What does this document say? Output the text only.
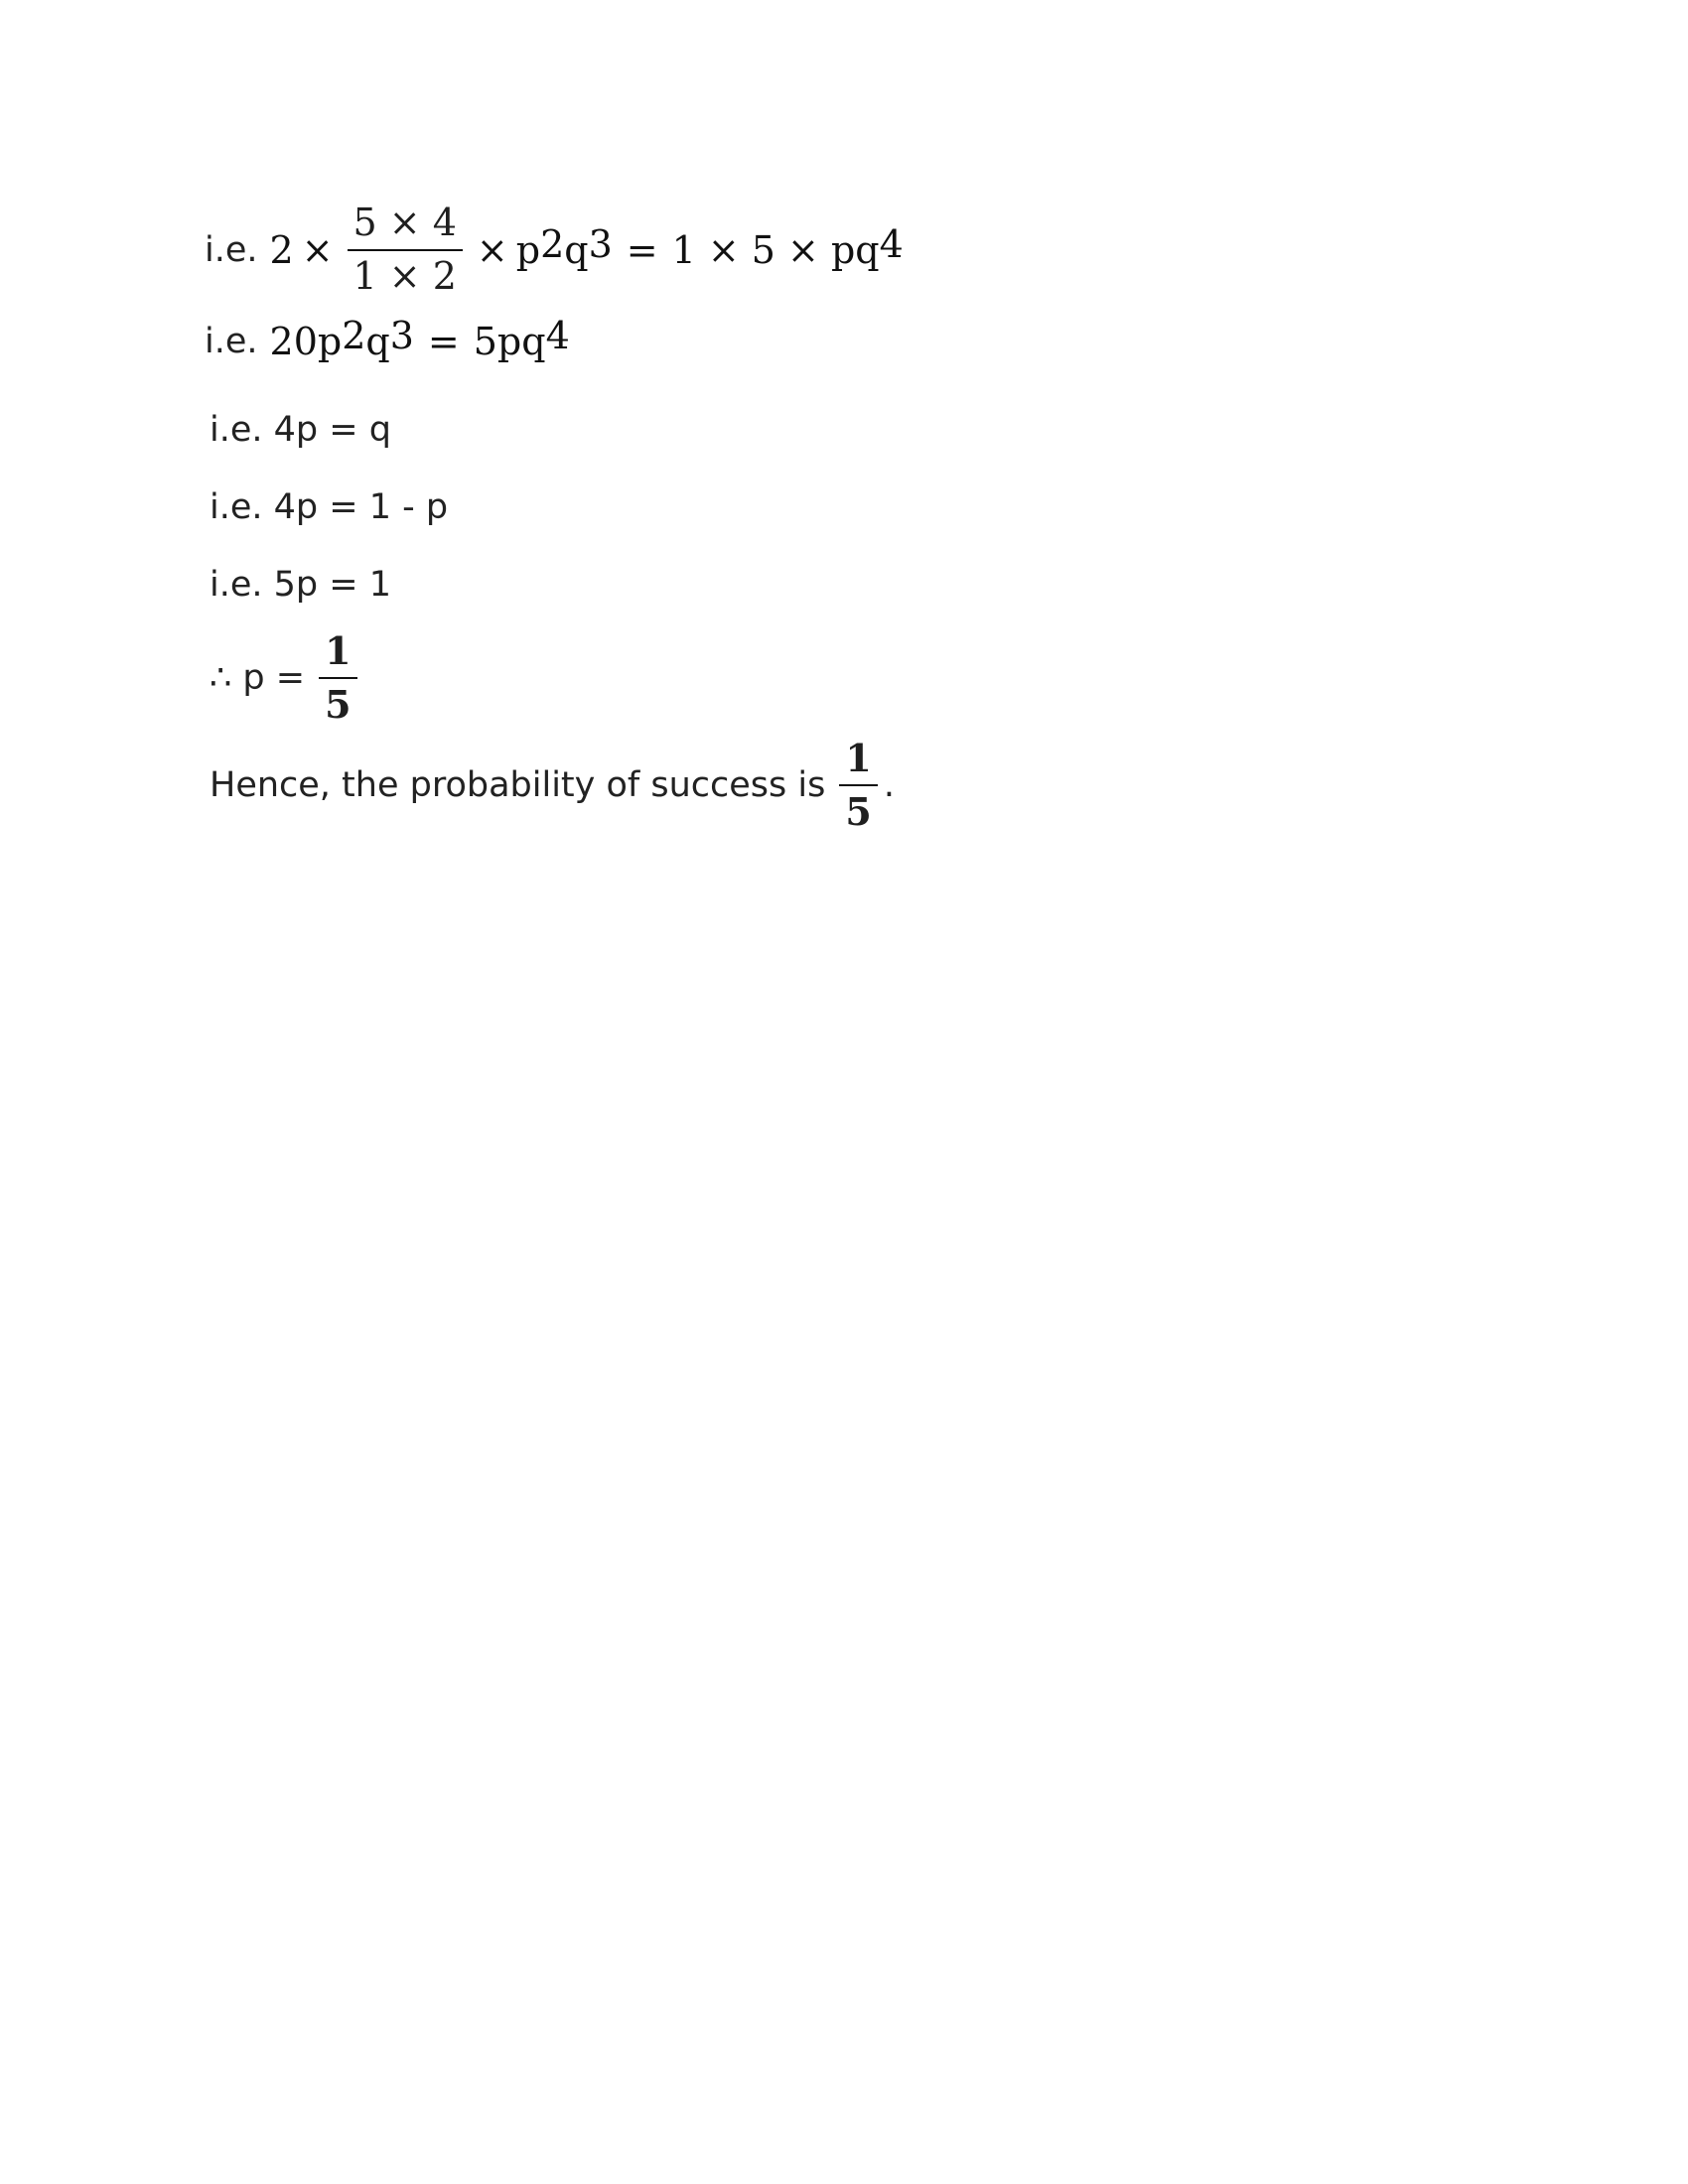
i.e. $2 \times \frac{5 \times 4}{1 \times 2} \times p^2$ $q^3 = 1 \times 5 \times pq^4$
i.e. $20p^2$ $q^3 = 5pq^4$
i.e. 4p = q
i.e. 4p = 1 - p
i.e. 5p = 1
∴ $p = \frac{1}{5}$
Hence, the probability of success is $\frac{1}{5}$ .
